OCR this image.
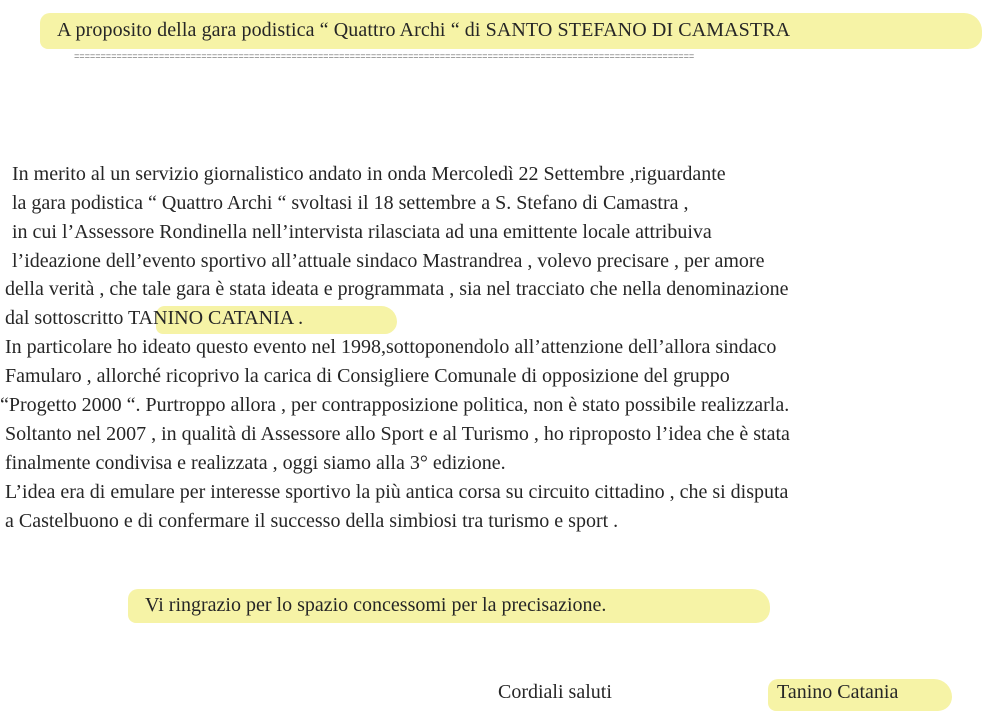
A proposito della gara podistica “ Quattro Archi “ di SANTO STEFANO DI CAMASTRA
=====================================================================================================================
In merito al un servizio giornalistico andato in onda Mercoledì 22 Settembre ,riguardante
la gara podistica “ Quattro Archi “ svoltasi il 18 settembre a S. Stefano di Camastra ,
in cui l’Assessore Rondinella nell’intervista rilasciata ad una emittente locale attribuiva
l’ideazione dell’evento sportivo all’attuale sindaco Mastrandrea , volevo precisare , per amore
della verità , che tale gara è stata ideata e programmata , sia nel tracciato che nella denominazione
dal sottoscritto TANINO CATANIA .
In particolare ho ideato questo evento nel 1998,sottoponendolo all’attenzione dell’allora sindaco
Famularo , allorché ricoprivo la carica di Consigliere Comunale di opposizione del gruppo
“Progetto 2000 “. Purtroppo allora , per contrapposizione politica, non è stato possibile realizzarla.
Soltanto nel 2007 , in qualità di Assessore allo Sport e al Turismo , ho riproposto l’idea che è stata
finalmente condivisa e realizzata , oggi siamo alla 3° edizione.
L’idea era di emulare per interesse sportivo la più antica corsa su circuito cittadino , che si disputa
a Castelbuono e di confermare il successo della simbiosi tra turismo e sport .
Vi ringrazio per lo spazio concessomi per la precisazione.
Cordiali saluti	Tanino Catania
